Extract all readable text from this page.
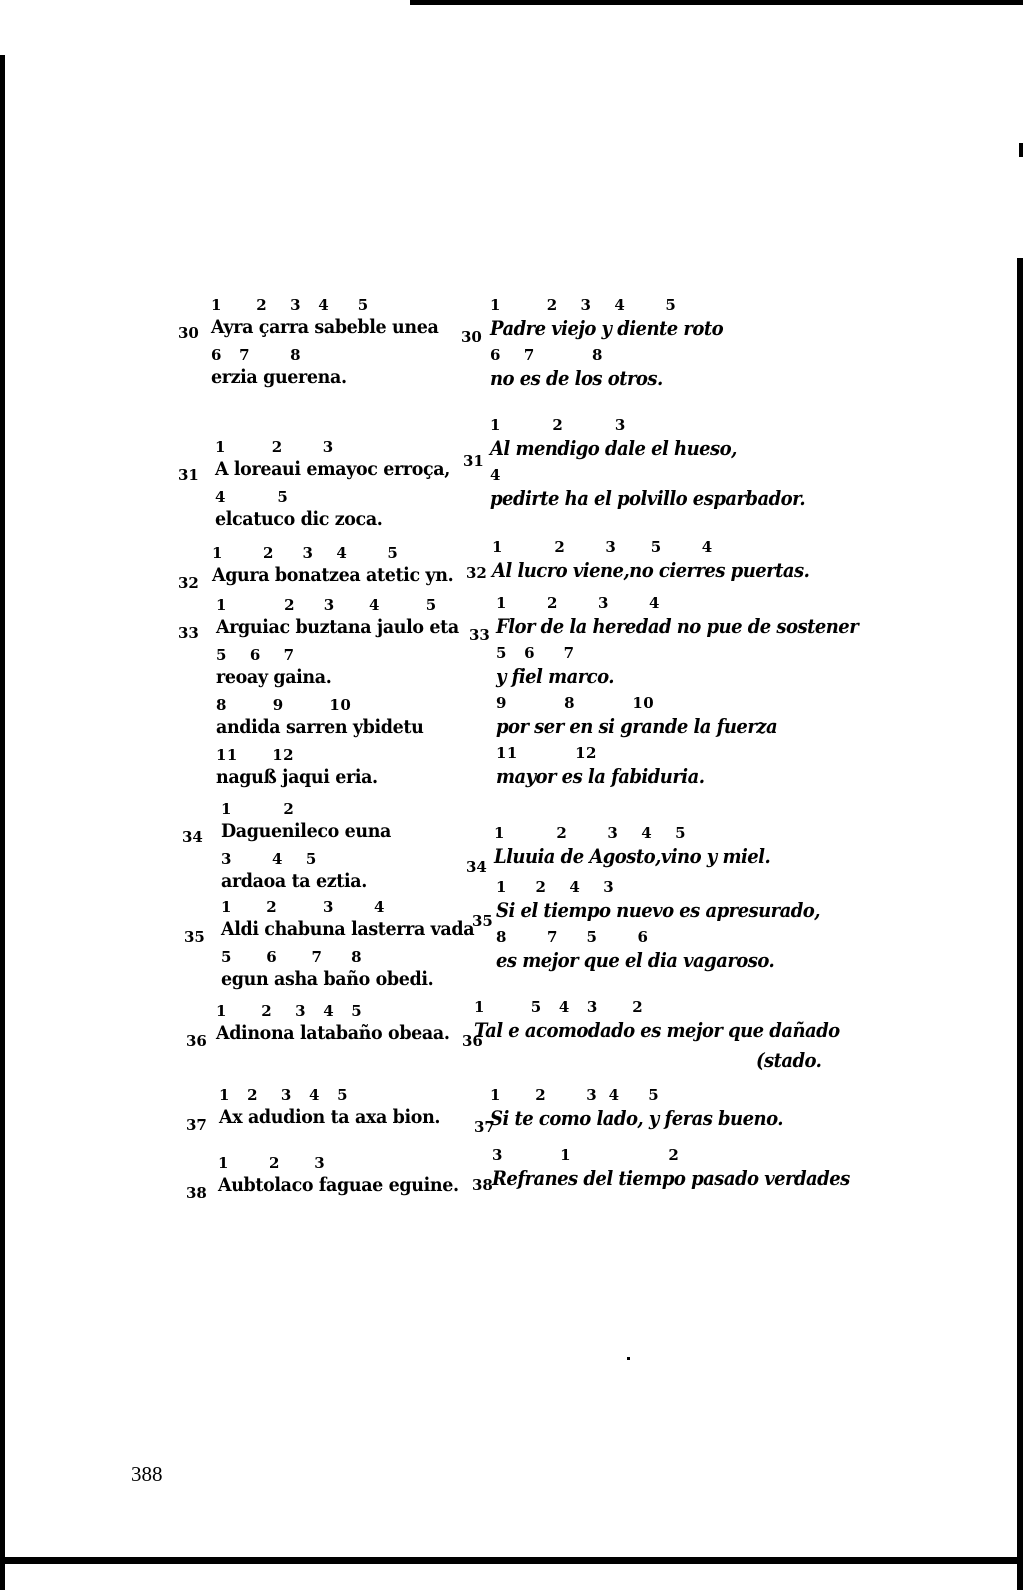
30
1      2    3   4     5
Ayra çarra sabeble unea
6   7       8
erzia guerena.
30
1        2    3    4       5
Padre viejo y diente roto
6    7          8
no es de los otros.
31
1        2       3
A loreaui emayoc erroça,
4         5
elcatuco dic zoca.
31
1         2         3
Al mendigo dale el hueso,
4
pedirte ha el polvillo esparbador.
32
1       2     3    4       5
Agura bonatzea atetic yn. 32
1         2       3      5       4
Al lucro viene,no cierres puertas.
33
1          2     3      4        5
Arguiac buztana jaulo eta
5    6    7
reoay gaina.
8        9        10
andida sarren ybidetu
11      12
naguß jaqui eria.
33
1       2       3       4
Flor de la heredad no pue de sostener
5   6     7
y fiel marco.
9          8          10
por ser en si grande la fuerza
11          12
mayor es la fabiduria.
34
1         2
Daguenileco euna
3       4    5
ardaoa ta eztia.
34
1         2       3    4    5
Lluuia de Agosto,vino y miel.
35
1      2        3       4
Aldi chabuna lasterra vada
5      6      7     8
egun asha baño obedi.
35
1     2    4    3
Si el tiempo nuevo es apresurado,
8       7     5       6
es mejor que el dia vagaroso.
36
1      2    3   4   5
Adinona latabaño obeaa. 36
1        5   4   3      2
Tal e acomodado es mejor que dañado
(stado.
37
1   2    3   4   5
Ax adudion ta axa bion. 37
1      2       3  4     5
Si te como lado, y feras bueno.
38
1       2      3
Aubtolaco faguae eguine. 38
3          1                 2
Refranes del tiempo pasado verdades
388
